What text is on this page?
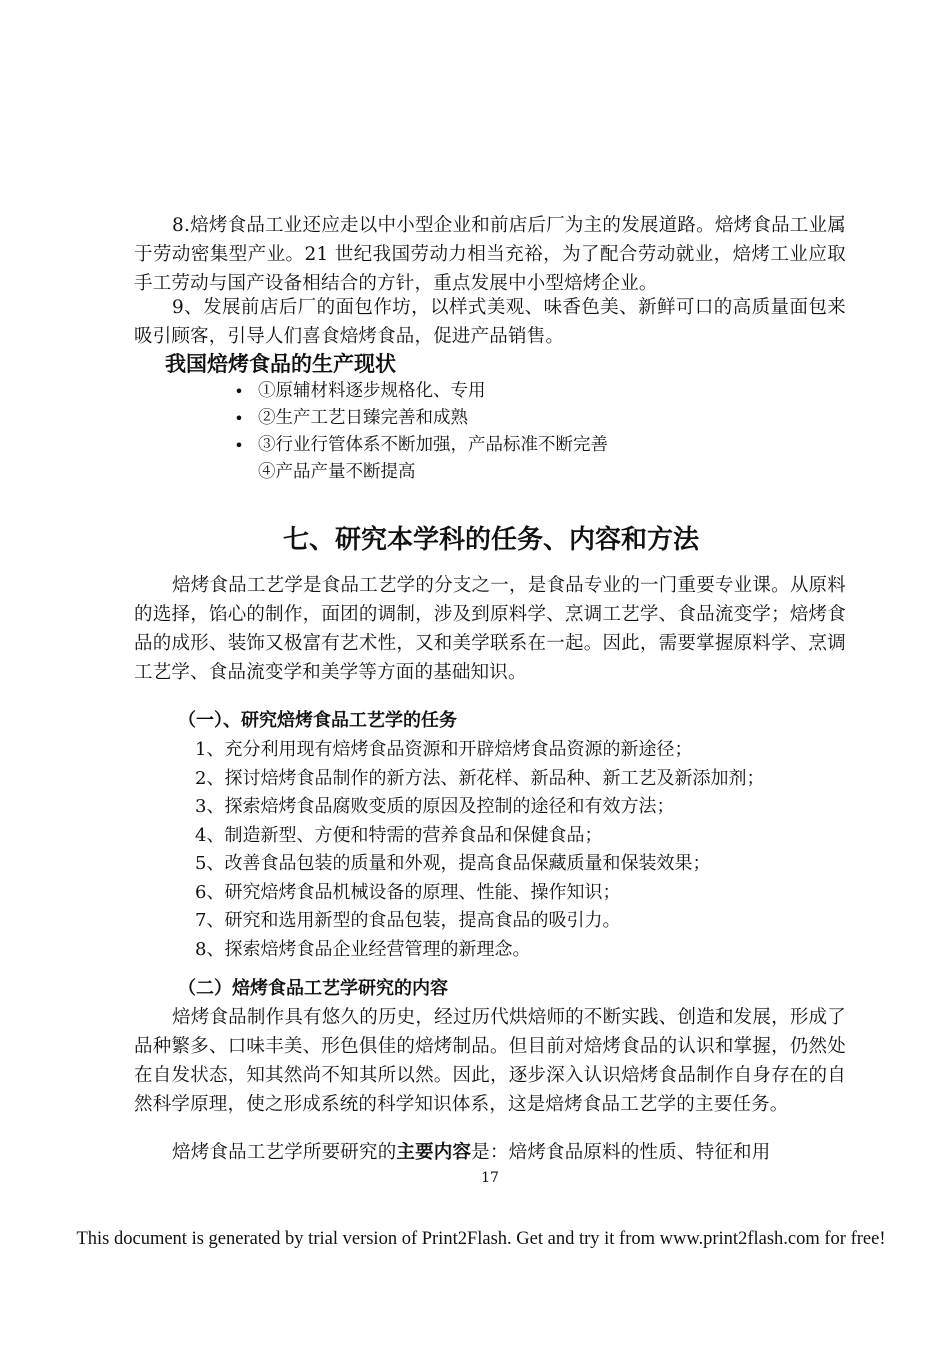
8.焙烤食品工业还应走以中小型企业和前店后厂为主的发展道路。焙烤食品工业属于劳动密集型产业。21 世纪我国劳动力相当充裕，为了配合劳动就业，焙烤工业应取手工劳动与国产设备相结合的方针，重点发展中小型焙烤企业。

9、发展前店后厂的面包作坊，以样式美观、味香色美、新鲜可口的高质量面包来吸引顾客，引导人们喜食焙烤食品，促进产品销售。

我国焙烤食品的生产现状
• ①原辅材料逐步规格化、专用
• ②生产工艺日臻完善和成熟
• ③行业行管体系不断加强，产品标准不断完善
④产品产量不断提高
七、研究本学科的任务、内容和方法

焙烤食品工艺学是食品工艺学的分支之一，是食品专业的一门重要专业课。从原料的选择，馅心的制作，面团的调制，涉及到原料学、烹调工艺学、食品流变学；焙烤食品的成形、装饰又极富有艺术性，又和美学联系在一起。因此，需要掌握原料学、烹调工艺学、食品流变学和美学等方面的基础知识。

（一）、研究焙烤食品工艺学的任务
1、充分利用现有焙烤食品资源和开辟焙烤食品资源的新途径；
2、探讨焙烤食品制作的新方法、新花样、新品种、新工艺及新添加剂；
3、探索焙烤食品腐败变质的原因及控制的途径和有效方法；
4、制造新型、方便和特需的营养食品和保健食品；
5、改善食品包装的质量和外观，提高食品保藏质量和保装效果；
6、研究焙烤食品机械设备的原理、性能、操作知识；
7、研究和选用新型的食品包装，提高食品的吸引力。
8、探索焙烤食品企业经营管理的新理念。
（二）焙烤食品工艺学研究的内容

焙烤食品制作具有悠久的历史，经过历代烘焙师的不断实践、创造和发展，形成了品种繁多、口味丰美、形色俱佳的焙烤制品。但目前对焙烤食品的认识和掌握，仍然处在自发状态，知其然尚不知其所以然。因此，逐步深入认识焙烤食品制作自身存在的自然科学原理，使之形成系统的科学知识体系，这是焙烤食品工艺学的主要任务。

焙烤食品工艺学所要研究的主要内容是：焙烤食品原料的性质、特征和用

17
This document is generated by trial version of Print2Flash. Get and try it from www.print2flash.com for free!
